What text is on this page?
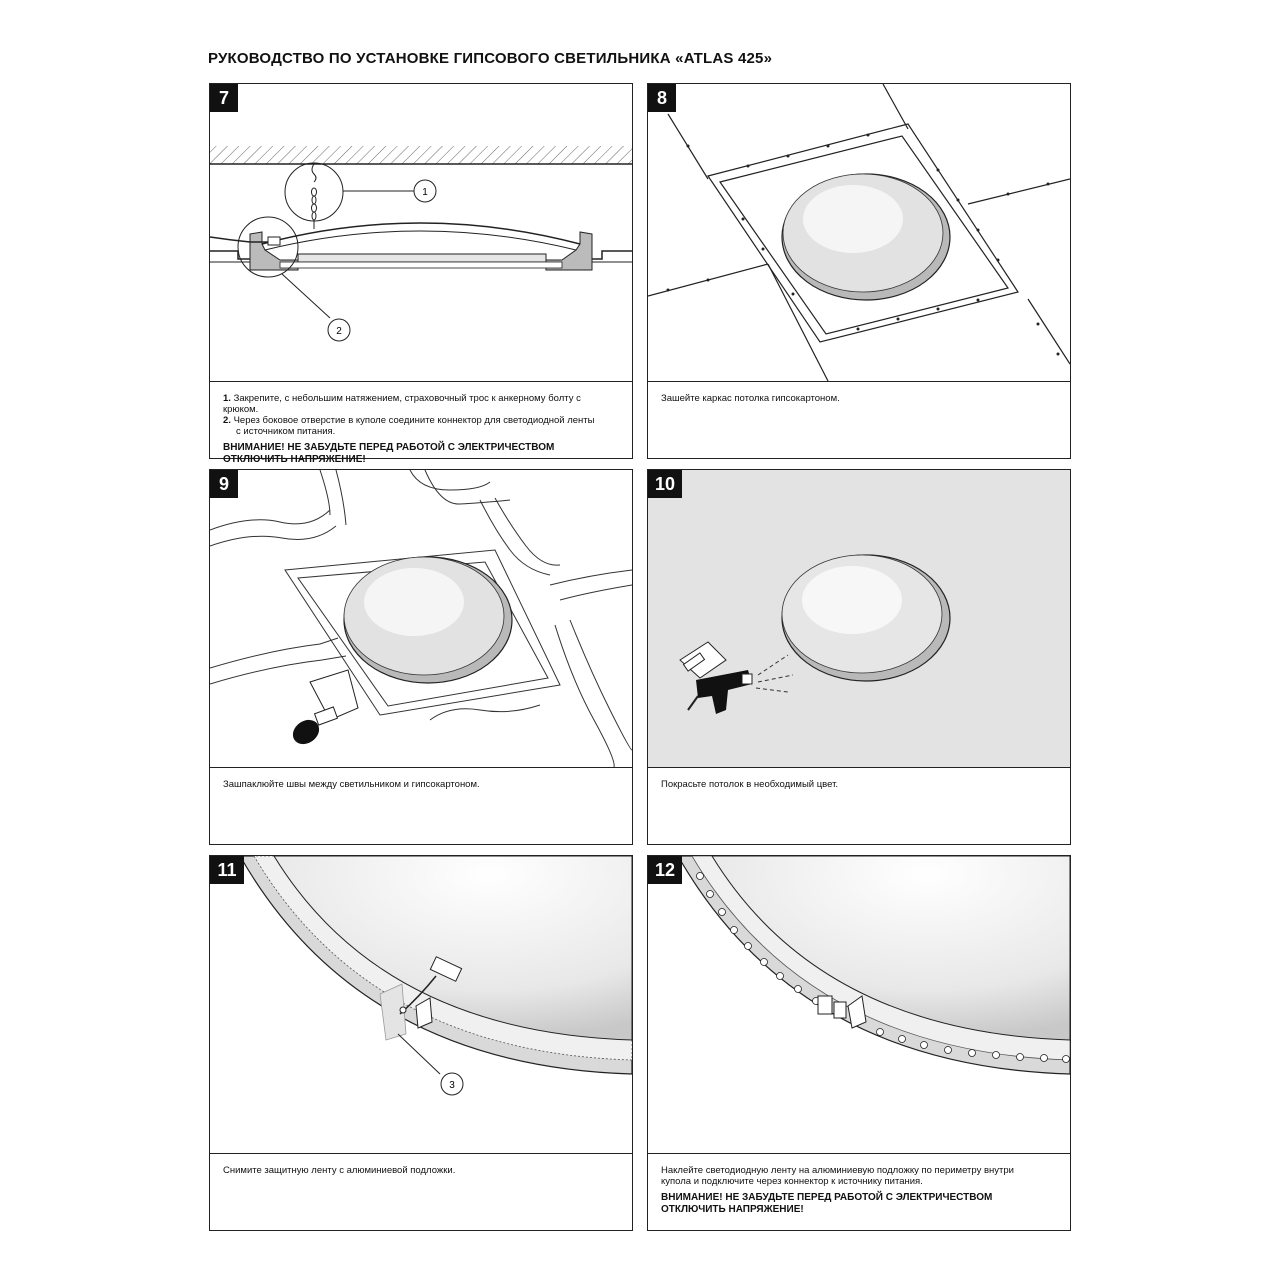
РУКОВОДСТВО ПО УСТАНОВКЕ ГИПСОВОГО СВЕТИЛЬНИКА «ATLAS 425»
7
1
2
1. Закрепите, с небольшим натяжением, страховочный трос к анкерному болту с крюком.
2. Через боковое отверстие в куполе соедините коннектор для светодиодной ленты
с источником питания.
ВНИМАНИЕ! НЕ ЗАБУДЬТЕ ПЕРЕД РАБОТОЙ С ЭЛЕКТРИЧЕСТВОМ
ОТКЛЮЧИТЬ НАПРЯЖЕНИЕ!
8
Зашейте каркас потолка гипсокартоном.
9
Зашпаклюйте швы между светильником и гипсокартоном.
10
Покрасьте потолок в необходимый цвет.
11
3
Снимите защитную ленту с алюминиевой подложки.
12
Наклейте светодиодную ленту на алюминиевую подложку по периметру внутри
купола и подключите через коннектор к источнику питания.
ВНИМАНИЕ! НЕ ЗАБУДЬТЕ ПЕРЕД РАБОТОЙ С ЭЛЕКТРИЧЕСТВОМ
ОТКЛЮЧИТЬ НАПРЯЖЕНИЕ!
